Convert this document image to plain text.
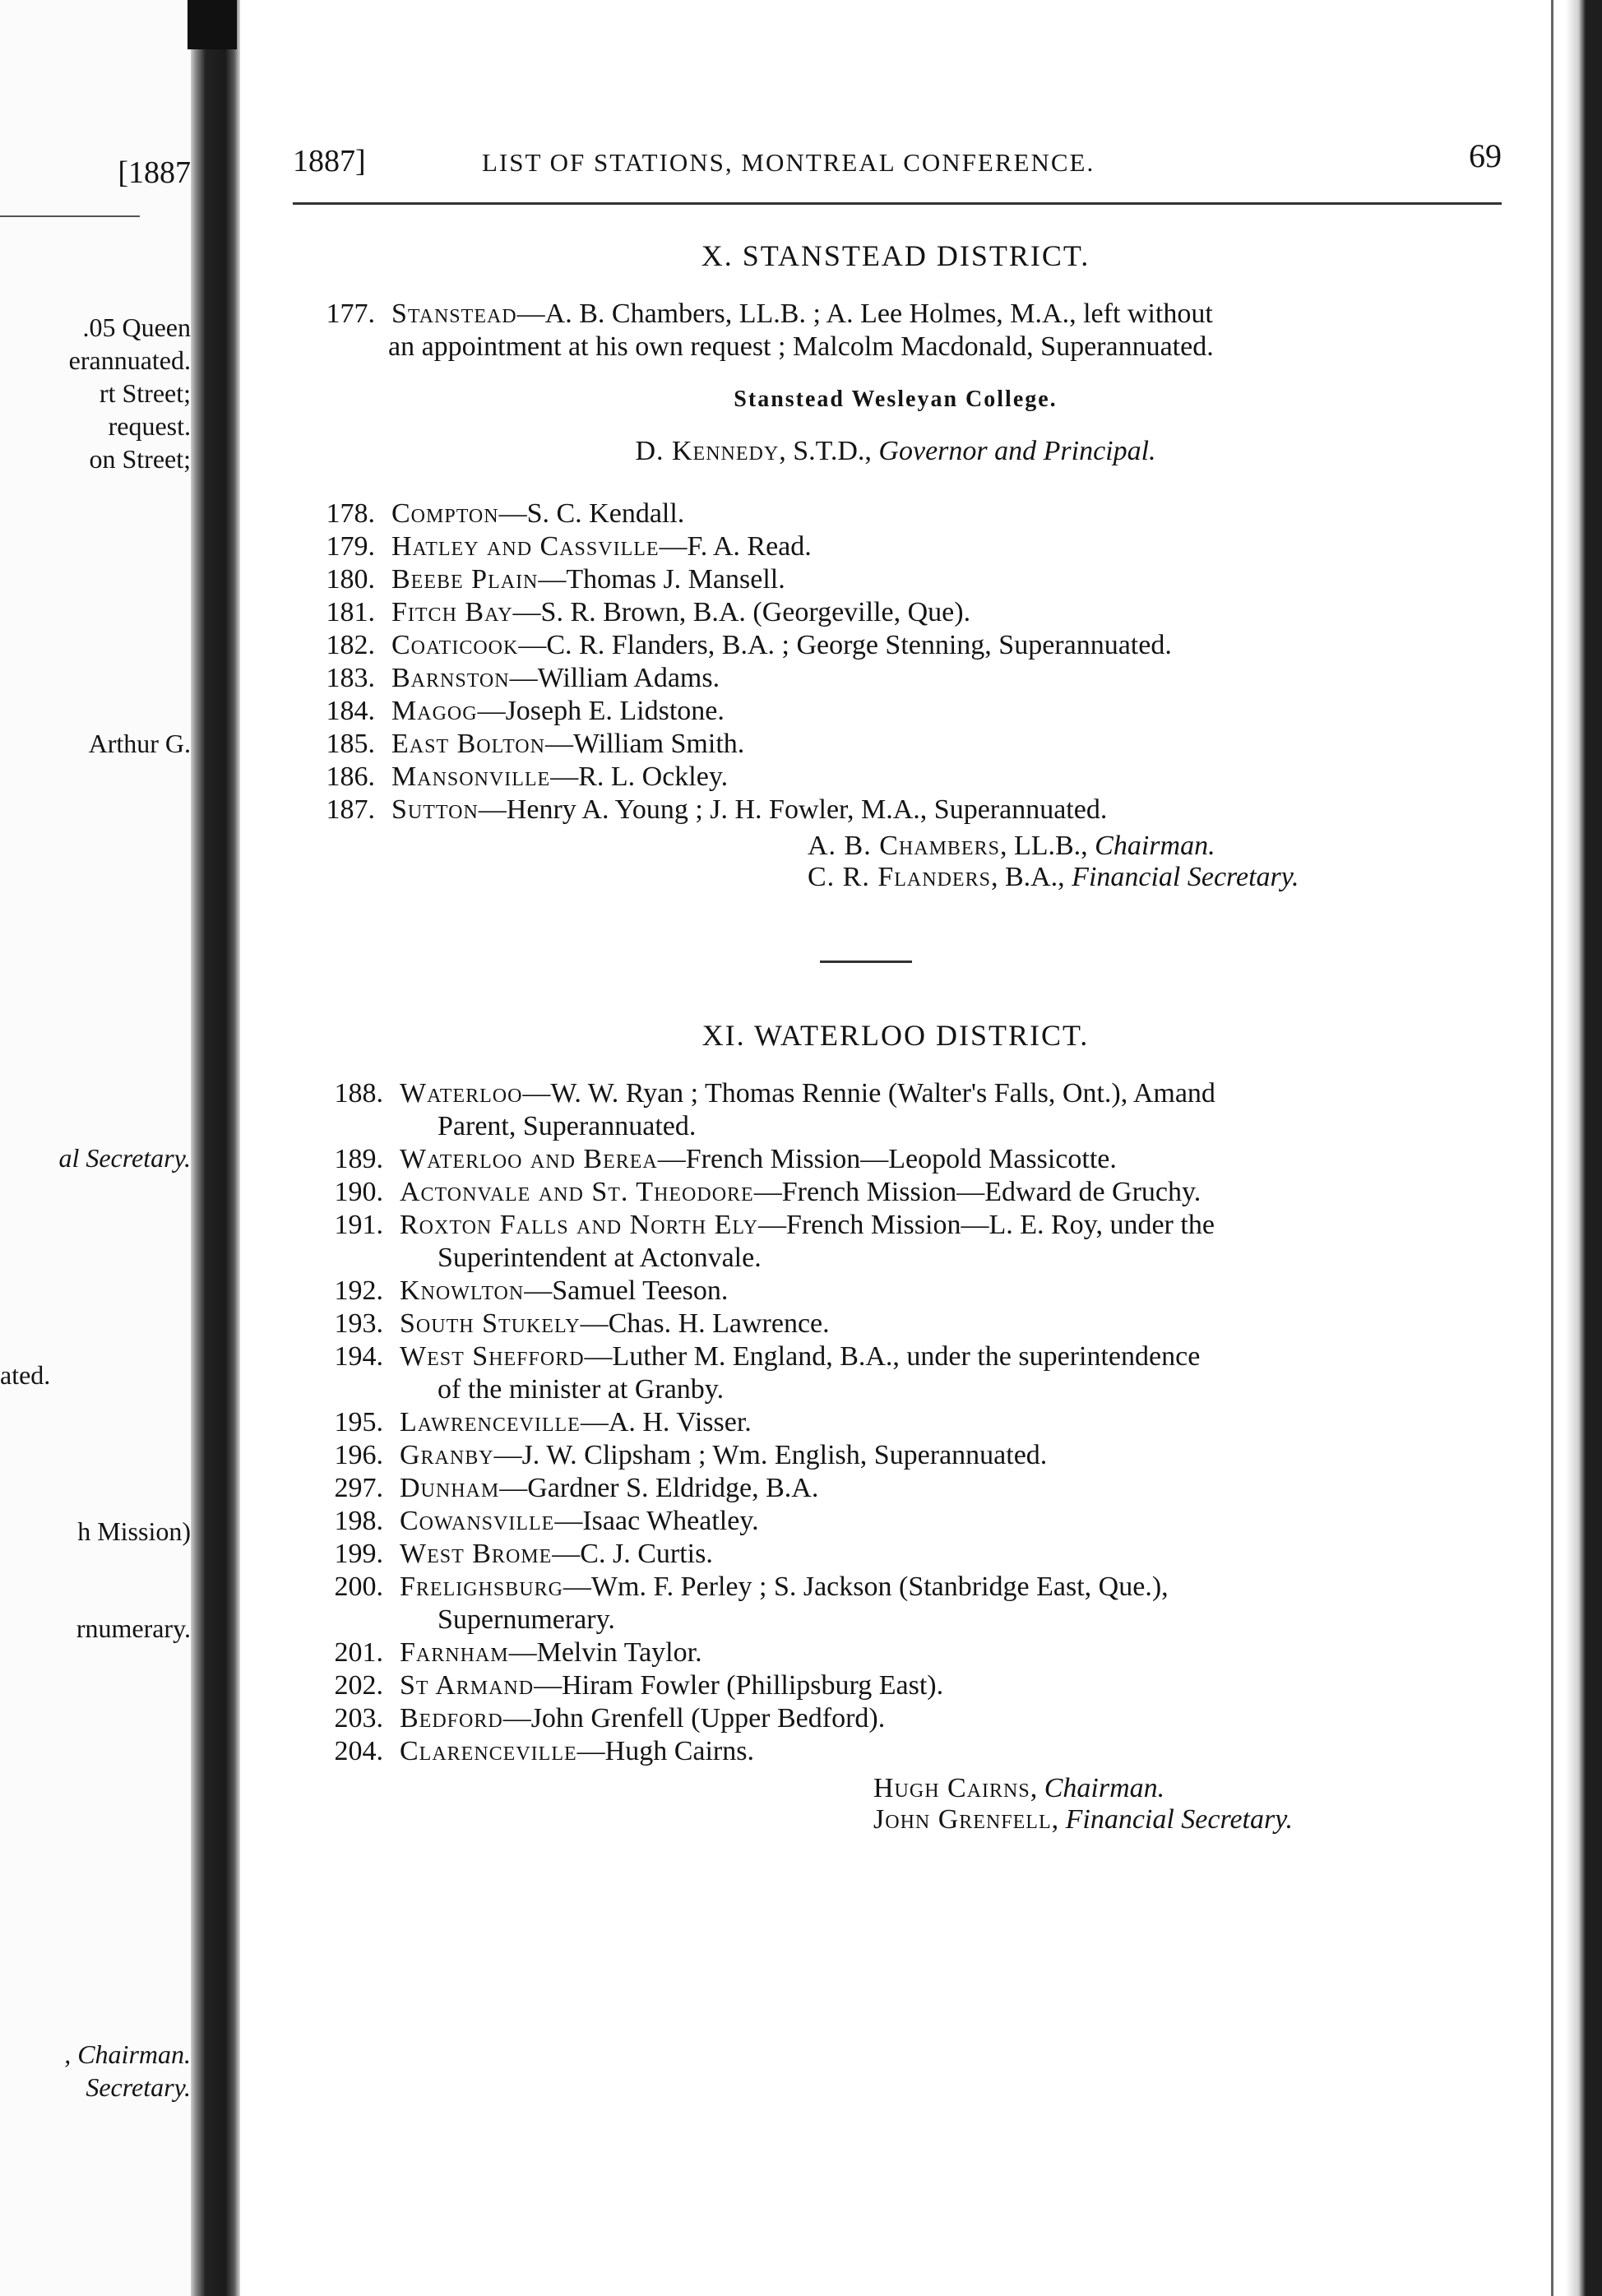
[1887
.05 Queen
erannuated.
rt Street;
request.
on Street;
Arthur G.
al Secretary.
ated.
h Mission)
rnumerary.
, Chairman.
Secretary.
1887]	LIST OF STATIONS, MONTREAL CONFERENCE.	69
X. STANSTEAD DISTRICT.
177. Stanstead—A. B. Chambers, LL.B. ; A. Lee Holmes, M.A., left without
an appointment at his own request ; Malcolm Macdonald, Superannuated.
Stanstead Wesleyan College.
D. Kennedy, S.T.D., Governor and Principal.
178. Compton—S. C. Kendall.
179. Hatley and Cassville—F. A. Read.
180. Beebe Plain—Thomas J. Mansell.
181. Fitch Bay—S. R. Brown, B.A. (Georgeville, Que).
182. Coaticook—C. R. Flanders, B.A. ; George Stenning, Superannuated.
183. Barnston—William Adams.
184. Magog—Joseph E. Lidstone.
185. East Bolton—William Smith.
186. Mansonville—R. L. Ockley.
187. Sutton—Henry A. Young ; J. H. Fowler, M.A., Superannuated.
A. B. Chambers, LL.B., Chairman.
C. R. Flanders, B.A., Financial Secretary.
XI. WATERLOO DISTRICT.
188. Waterloo—W. W. Ryan ; Thomas Rennie (Walter's Falls, Ont.), Amand
Parent, Superannuated.
189. Waterloo and Berea—French Mission—Leopold Massicotte.
190. Actonvale and St. Theodore—French Mission—Edward de Gruchy.
191. Roxton Falls and North Ely—French Mission—L. E. Roy, under the
Superintendent at Actonvale.
192. Knowlton—Samuel Teeson.
193. South Stukely—Chas. H. Lawrence.
194. West Shefford—Luther M. England, B.A., under the superintendence
of the minister at Granby.
195. Lawrenceville—A. H. Visser.
196. Granby—J. W. Clipsham ; Wm. English, Superannuated.
297. Dunham—Gardner S. Eldridge, B.A.
198. Cowansville—Isaac Wheatley.
199. West Brome—C. J. Curtis.
200. Frelighsburg—Wm. F. Perley ; S. Jackson (Stanbridge East, Que.),
Supernumerary.
201. Farnham—Melvin Taylor.
202. St Armand—Hiram Fowler (Phillipsburg East).
203. Bedford—John Grenfell (Upper Bedford).
204. Clarenceville—Hugh Cairns.
Hugh Cairns, Chairman.
John Grenfell, Financial Secretary.
